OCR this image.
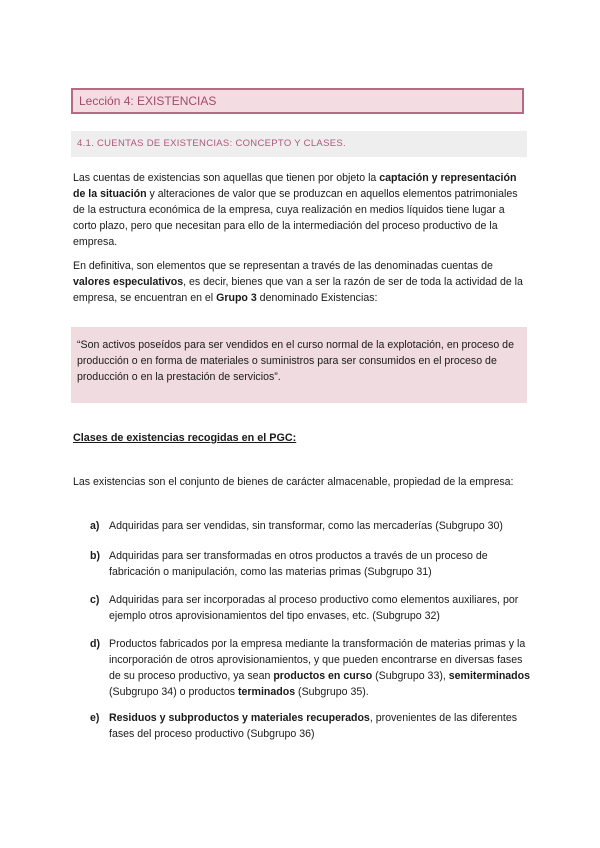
Lección 4: EXISTENCIAS
4.1. CUENTAS DE EXISTENCIAS: CONCEPTO Y CLASES.

Las cuentas de existencias son aquellas que tienen por objeto la captación y representación de la situación y alteraciones de valor que se produzcan en aquellos elementos patrimoniales de la estructura económica de la empresa, cuya realización en medios líquidos tiene lugar a corto plazo, pero que necesitan para ello de la intermediación del proceso productivo de la empresa.

En definitiva, son elementos que se representan a través de las denominadas cuentas de valores especulativos, es decir, bienes que van a ser la razón de ser de toda la actividad de la empresa, se encuentran en el Grupo 3 denominado Existencias:

“Son activos poseídos para ser vendidos en el curso normal de la explotación, en proceso de producción o en forma de materiales o suministros para ser consumidos en el proceso de producción o en la prestación de servicios”.
Clases de existencias recogidas en el PGC:

Las existencias son el conjunto de bienes de carácter almacenable, propiedad de la empresa:

a) Adquiridas para ser vendidas, sin transformar, como las mercaderías (Subgrupo 30)
b) Adquiridas para ser transformadas en otros productos a través de un proceso de fabricación o manipulación, como las materias primas (Subgrupo 31)
c) Adquiridas para ser incorporadas al proceso productivo como elementos auxiliares, por ejemplo otros aprovisionamientos del tipo envases, etc. (Subgrupo 32)
d) Productos fabricados por la empresa mediante la transformación de materias primas y la incorporación de otros aprovisionamientos, y que pueden encontrarse en diversas fases de su proceso productivo, ya sean productos en curso (Subgrupo 33), semiterminados (Subgrupo 34) o productos terminados (Subgrupo 35).
e) Residuos y subproductos y materiales recuperados, provenientes de las diferentes fases del proceso productivo (Subgrupo 36)
